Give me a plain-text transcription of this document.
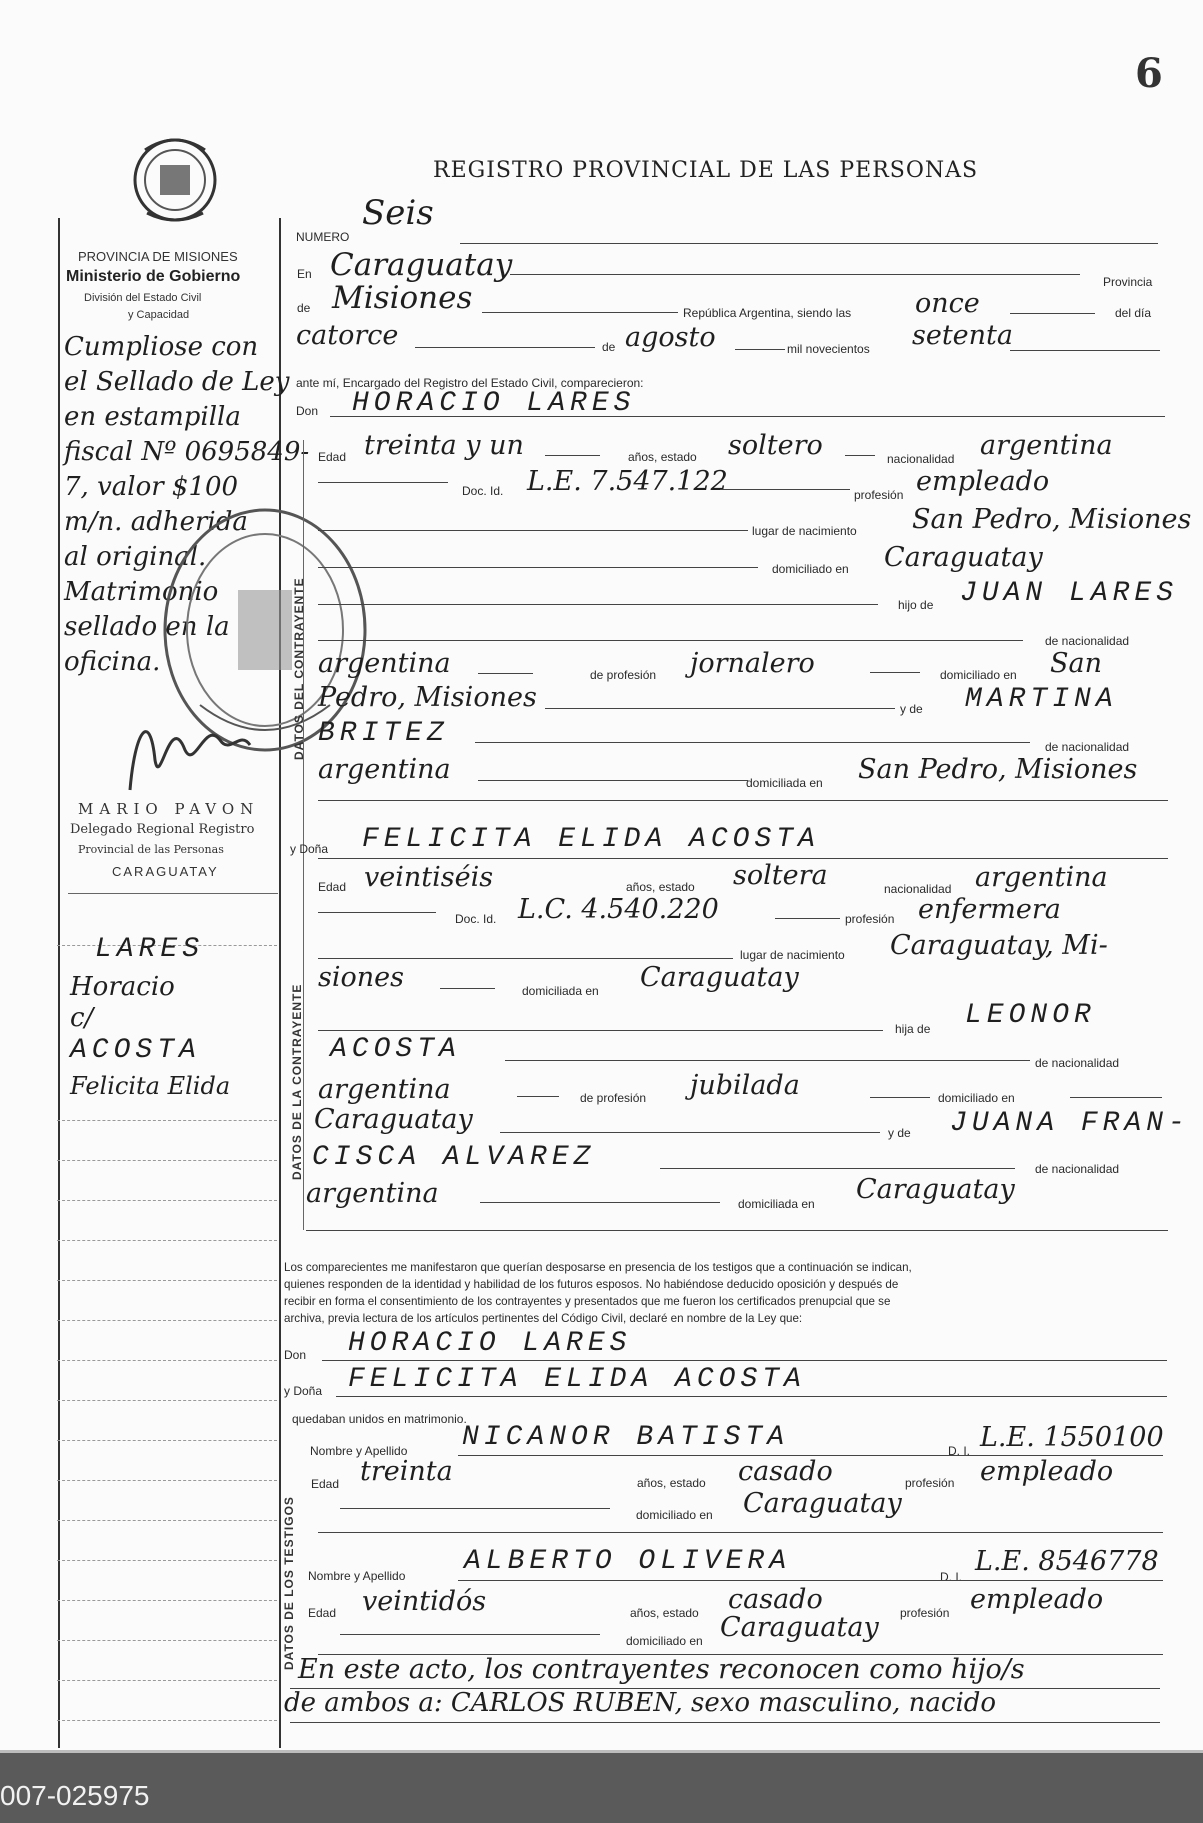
6
REGISTRO PROVINCIAL DE LAS PERSONAS
PROVINCIA DE MISIONES
Ministerio de Gobierno
División del Estado Civil
y Capacidad
Cumpliose con
el Sellado de Ley
en estampilla
fiscal Nº 0695849-
7, valor $100
m/n. adherida
al original.
Matrimonio
sellado en la
oficina.
MARIO PAVON
Delegado Regional Registro
Provincial de las Personas
CARAGUATAY
LARES
Horacio
c/
ACOSTA
Felicita Elida
DATOS DEL CONTRAYENTE
DATOS DE LA CONTRAYENTE
DATOS DE LOS TESTIGOS
NUMERO
Seis
En Caraguatay	Provincia
de Misiones	República Argentina, siendo las once	del día
catorce	de agosto	mil novecientos setenta
ante mí, Encargado del Registro del Estado Civil, comparecieron:
Don HORACIO LARES
Edad treinta y un	años, estado soltero	nacionalidad argentina
Doc. Id. L.E. 7.547.122	profesión empleado
lugar de nacimiento San Pedro, Misiones
domiciliado en Caraguatay
hijo de JUAN LARES
de nacionalidad
argentina	de profesión jornalero	domiciliado en San
Pedro, Misiones	y de MARTINA
BRITEZ	de nacionalidad
argentina	domiciliada en San Pedro, Misiones
y Doña FELICITA ELIDA ACOSTA
Edad veintiséis	años, estado soltera	nacionalidad argentina
Doc. Id. L.C. 4.540.220	profesión enfermera
lugar de nacimiento Caraguatay, Mi-
siones	domiciliada en Caraguatay
hija de LEONOR
ACOSTA	de nacionalidad
argentina	de profesión jubilada	domiciliado en
Caraguatay	y de JUANA FRAN-
CISCA ALVAREZ	de nacionalidad
argentina	domiciliada en Caraguatay
Los comparecientes me manifestaron que querían desposarse en presencia de los testigos que a continuación se indican,
quienes responden de la identidad y habilidad de los futuros esposos. No habiéndose deducido oposición y después de
recibir en forma el consentimiento de los contrayentes y presentados que me fueron los certificados prenupcial que se
archiva, previa lectura de los artículos pertinentes del Código Civil, declaré en nombre de la Ley que:
Don HORACIO LARES
y Doña FELICITA ELIDA ACOSTA
quedaban unidos en matrimonio.
Nombre y Apellido NICANOR BATISTA	D. I. L.E. 1550100
Edad treinta	años, estado casado	profesión empleado
domiciliado en Caraguatay
Nombre y Apellido ALBERTO OLIVERA	D. I. L.E. 8546778
Edad veintidós	años, estado casado	profesión empleado
domiciliado en Caraguatay
En este acto, los contrayentes reconocen como hijo/s
de ambos a: CARLOS RUBEN, sexo masculino, nacido
007-025975
